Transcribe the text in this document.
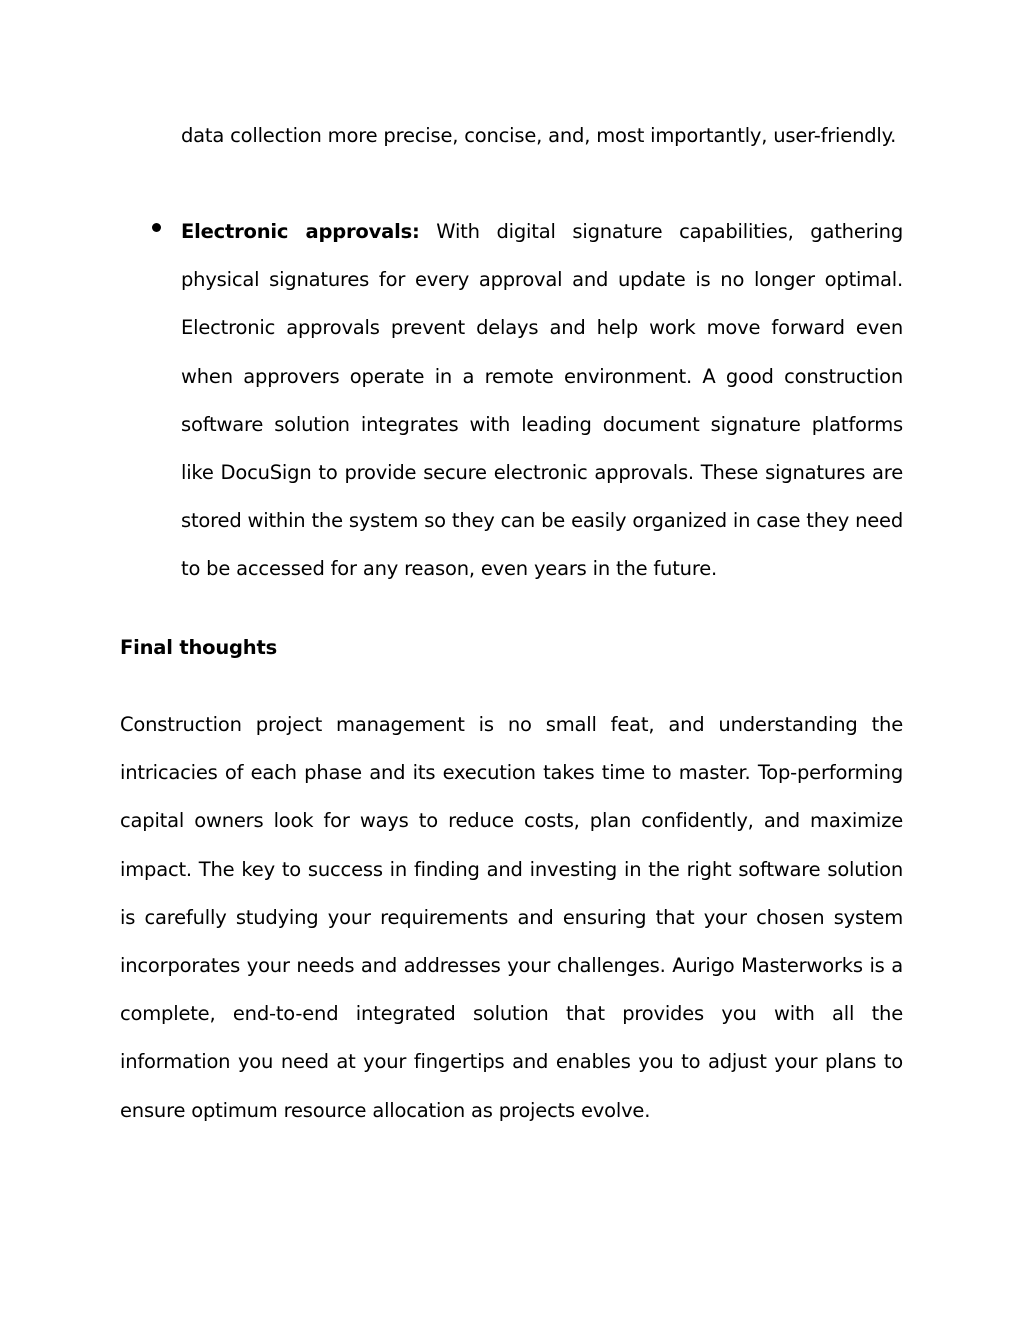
data collection more precise, concise, and, most importantly, user-friendly.

Electronic approvals: With digital signature capabilities, gathering physical signatures for every approval and update is no longer optimal. Electronic approvals prevent delays and help work move forward even when approvers operate in a remote environment. A good construction software solution integrates with leading document signature platforms like DocuSign to provide secure electronic approvals. These signatures are stored within the system so they can be easily organized in case they need to be accessed for any reason, even years in the future.

Final thoughts

Construction project management is no small feat, and understanding the intricacies of each phase and its execution takes time to master. Top-performing capital owners look for ways to reduce costs, plan confidently, and maximize impact. The key to success in finding and investing in the right software solution is carefully studying your requirements and ensuring that your chosen system incorporates your needs and addresses your challenges. Aurigo Masterworks is a complete, end-to-end integrated solution that provides you with all the information you need at your fingertips and enables you to adjust your plans to ensure optimum resource allocation as projects evolve.
